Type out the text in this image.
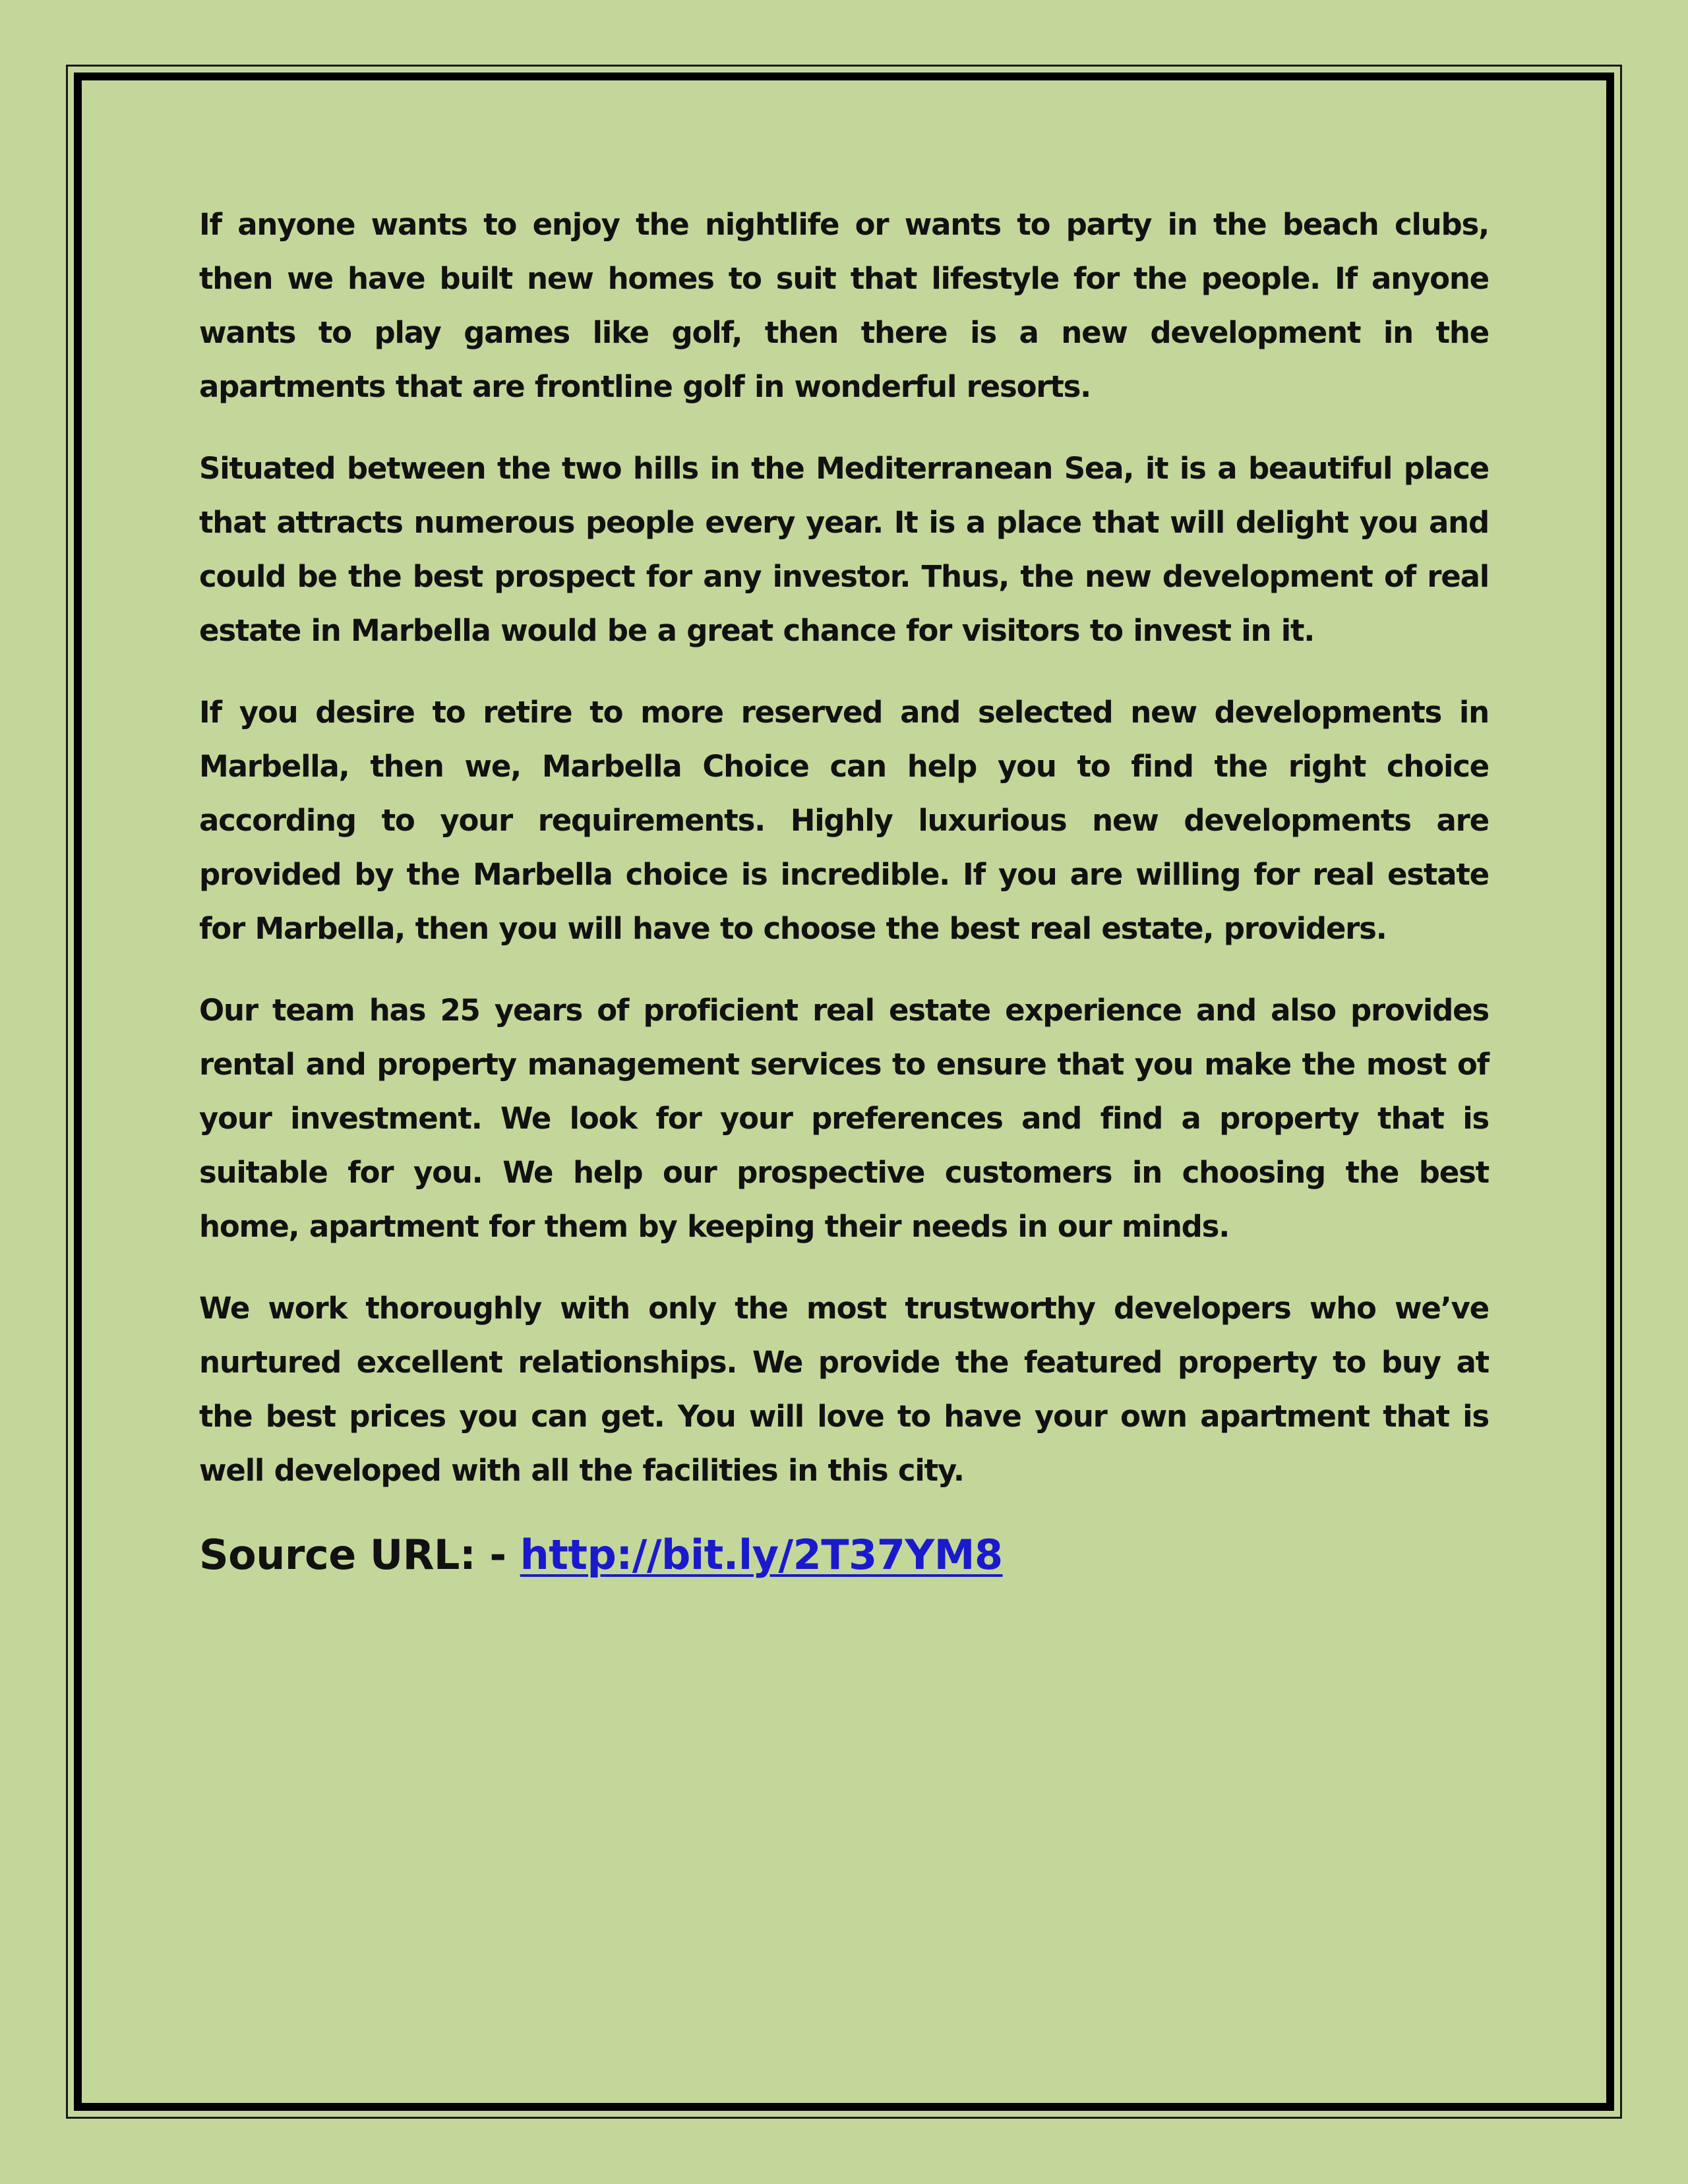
If anyone wants to enjoy the nightlife or wants to party in the beach clubs, then we have built new homes to suit that lifestyle for the people. If anyone wants to play games like golf, then there is a new development in the apartments that are frontline golf in wonderful resorts.

Situated between the two hills in the Mediterranean Sea, it is a beautiful place that attracts numerous people every year. It is a place that will delight you and could be the best prospect for any investor. Thus, the new development of real estate in Marbella would be a great chance for visitors to invest in it.

If you desire to retire to more reserved and selected new developments in Marbella, then we, Marbella Choice can help you to find the right choice according to your requirements. Highly luxurious new developments are provided by the Marbella choice is incredible. If you are willing for real estate for Marbella, then you will have to choose the best real estate, providers.

Our team has 25 years of proficient real estate experience and also provides rental and property management services to ensure that you make the most of your investment. We look for your preferences and find a property that is suitable for you. We help our prospective customers in choosing the best home, apartment for them by keeping their needs in our minds.

We work thoroughly with only the most trustworthy developers who we’ve nurtured excellent relationships. We provide the featured property to buy at the best prices you can get. You will love to have your own apartment that is well developed with all the facilities in this city.

Source URL: - http://bit.ly/2T37YM8
